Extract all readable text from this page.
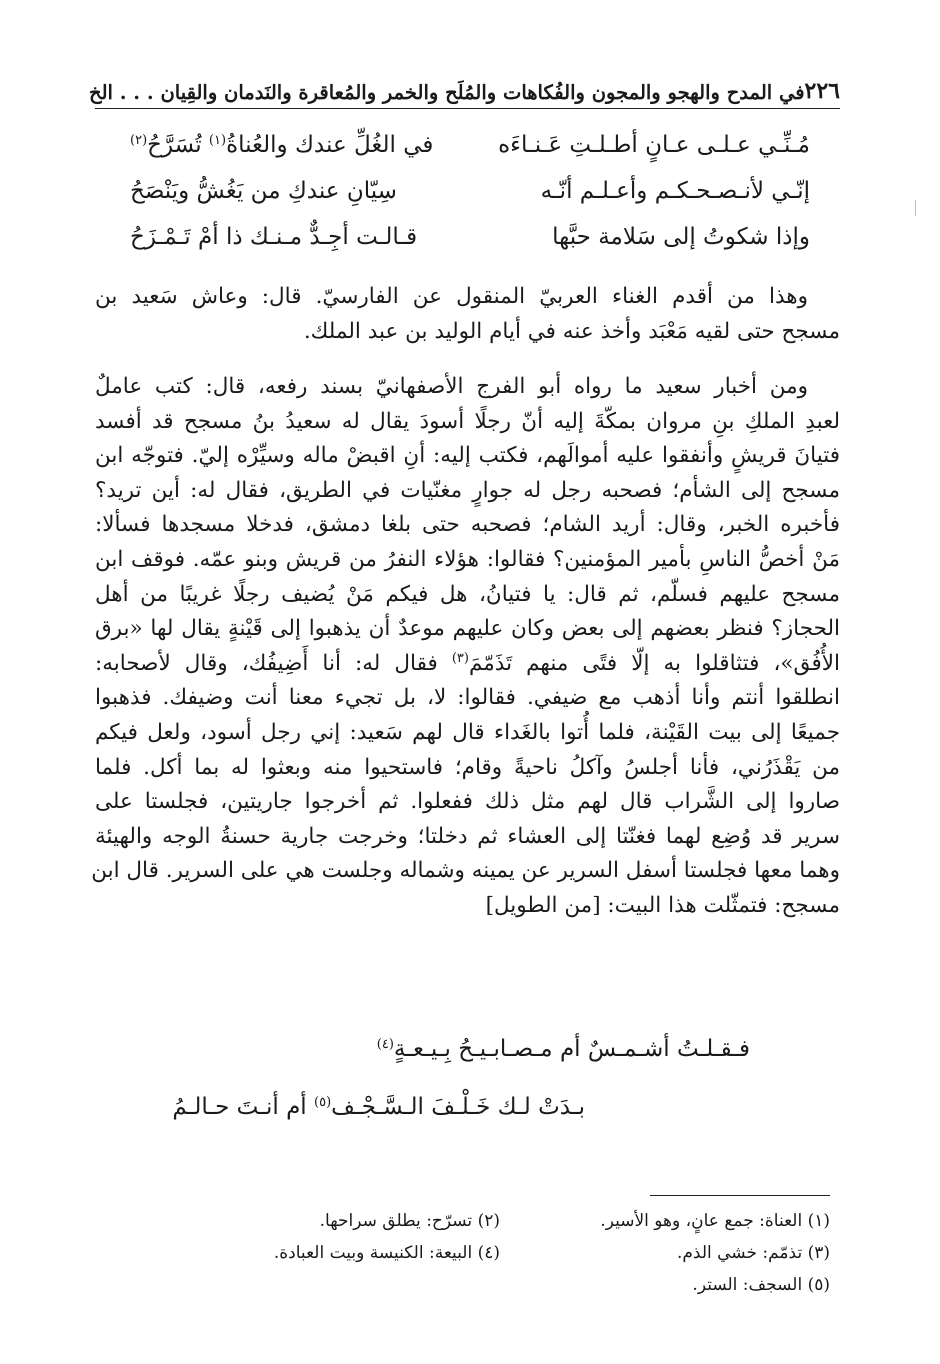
٢٢٦
في المدح والهجو والمجون والفُكاهات والمُلَح والخمر والمُعاقرة والنَدمان والقِيان . . . الخ
مُـنِّـي عـلـى عـانٍ أطـلـتِ عَـنـاءَه
في الغُلِّ عندك والعُناةُ$^{(١)}$ تُسَرَّحُ$^{(٢)}$
إنّـي لأنـصـحـكـم وأعـلـم أنّـه
سِيّانِ عندكِ من يَغُشُّ ويَنْصَحُ
وإذا شكوتُ إلى سَلامة حبَّها
قـالـت أجِـدٌّ مـنـك ذا أمْ تَـمْـزَحُ
وهذا من أقدم الغناء العربيّ المنقول عن الفارسيّ. قال: وعاش سَعيد بن
مسجح حتى لقيه مَعْبَد وأخذ عنه في أيام الوليد بن عبد الملك.
ومن أخبار سعيد ما رواه أبو الفرج الأصفهانيّ بسند رفعه، قال: كتب عاملٌ
لعبدِ الملكِ بنِ مروان بمكّةَ إليه أنّ رجلًا أسودَ يقال له سعيدُ بنُ مسجح قد أفسد
فتيانَ قريشٍ وأنفقوا عليه أموالَهم، فكتب إليه: أنِ اقبضْ ماله وسيِّرْه إليّ. فتوجّه ابن
مسجح إلى الشأم؛ فصحبه رجل له جوارٍ مغنّيات في الطريق، فقال له: أين تريد؟
فأخبره الخبر، وقال: أريد الشام؛ فصحبه حتى بلغا دمشق، فدخلا مسجدها فسألا:
مَنْ أخصُّ الناسِ بأمير المؤمنين؟ فقالوا: هؤلاء النفرُ من قريش وبنو عمّه. فوقف ابن
مسجح عليهم فسلّم، ثم قال: يا فتيانُ، هل فيكم مَنْ يُضيف رجلًا غريبًا من أهل
الحجاز؟ فنظر بعضهم إلى بعض وكان عليهم موعدٌ أن يذهبوا إلى قَيْنةٍ يقال لها «برق
الأُفُق»، فتثاقلوا به إلّا فتًى منهم تَذَمّمَ$^{(٣)}$ فقال له: أنا أَضِيفُك، وقال لأصحابه:
انطلقوا أنتم وأنا أذهب مع ضيفي. فقالوا: لا، بل تجيء معنا أنت وضيفك. فذهبوا
جميعًا إلى بيت القَيْنة، فلما أُتوا بالغَداء قال لهم سَعيد: إني رجل أسود، ولعل فيكم
من يَقْذَرُني، فأنا أجلسُ وآكلُ ناحيةً وقام؛ فاستحيوا منه وبعثوا له بما أكل. فلما
صاروا إلى الشَّراب قال لهم مثل ذلك ففعلوا. ثم أخرجوا جاريتين، فجلستا على
سرير قد وُضِع لهما فغنّتا إلى العشاء ثم دخلتا؛ وخرجت جارية حسنةُ الوجه والهيئة
وهما معها فجلستا أسفل السرير عن يمينه وشماله وجلست هي على السرير. قال ابن
مسجح: فتمثّلت هذا البيت: [من الطويل]
فـقـلـتُ أشـمـسٌ أم مـصـابـيـحُ بِـيـعـةٍ$^{(٤)}$
بـدَتْ لـك خَـلْـفَ الـسَّـجْـف$^{(٥)}$ أم أنـتَ حـالـمُ
(١) العناة: جمع عانٍ، وهو الأسير.
(٢) تسرّح: يطلق سراحها.
(٣) تذمّم: خشي الذم.
(٤) البيعة: الكنيسة وبيت العبادة.
(٥) السجف: الستر.
